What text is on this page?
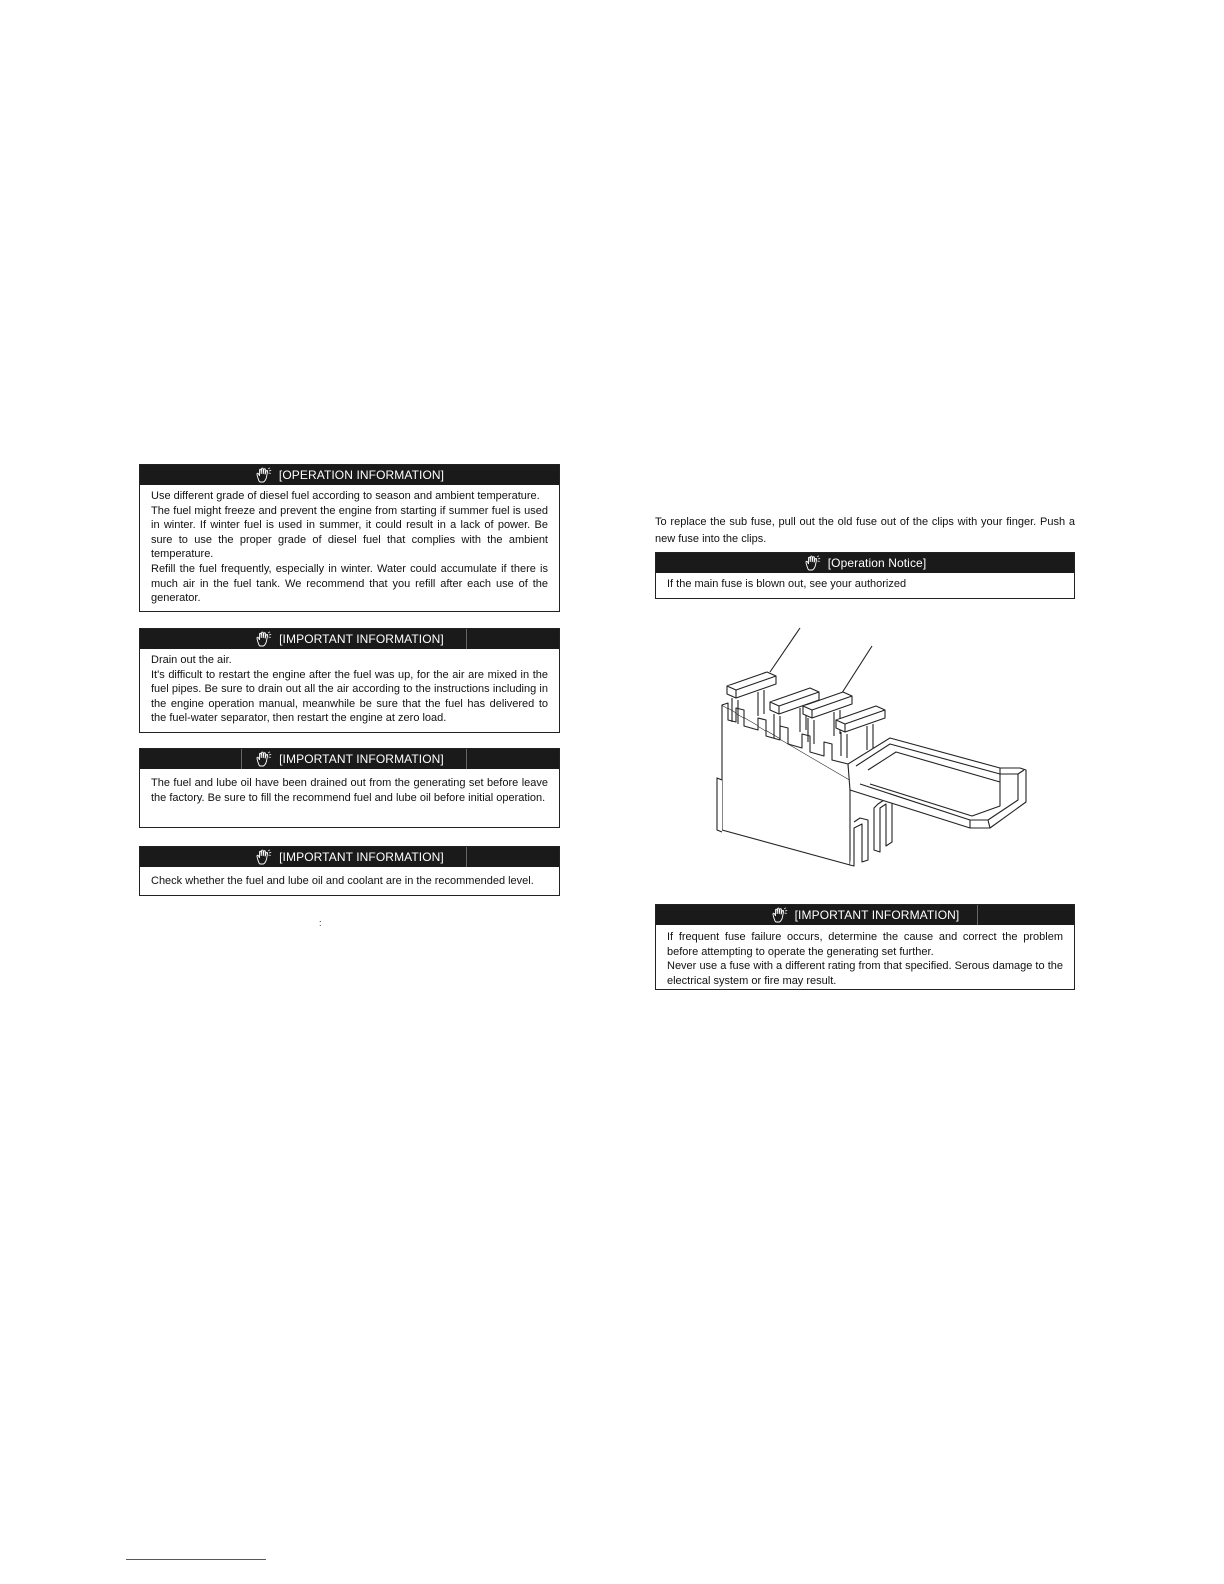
[OPERATION INFORMATION]

Use different grade of diesel fuel according to season and ambient temperature.

The fuel might freeze and prevent the engine from starting if summer fuel is used in winter. If winter fuel is used in summer, it could result in a lack of power. Be sure to use the proper grade of diesel fuel that complies with the ambient temperature.

Refill the fuel frequently, especially in winter. Water could accumulate if there is much air in the fuel tank. We recommend that you refill after each use of the generator.

[IMPORTANT INFORMATION]

Drain out the air.

It's difficult to restart the engine after the fuel was up, for the air are mixed in the fuel pipes. Be sure to drain out all the air according to the instructions including in the engine operation manual, meanwhile be sure that the fuel has delivered to the fuel-water separator, then restart the engine at zero load.

[IMPORTANT INFORMATION]

The fuel and lube oil have been drained out from the generating set before leave the factory. Be sure to fill the recommend fuel and lube oil before initial operation.

[IMPORTANT INFORMATION]

Check whether the fuel and lube oil and coolant are in the recommended level.

:
To replace the sub fuse, pull out the old fuse out of the clips with your finger. Push a new fuse into the clips.
[Operation Notice]

If the main fuse is blown out, see your authorized

[IMPORTANT INFORMATION]

If frequent fuse failure occurs, determine the cause and correct the problem before attempting to operate the generating set further.

Never use a fuse with a different rating from that specified. Serous damage to the electrical system or fire may result.
